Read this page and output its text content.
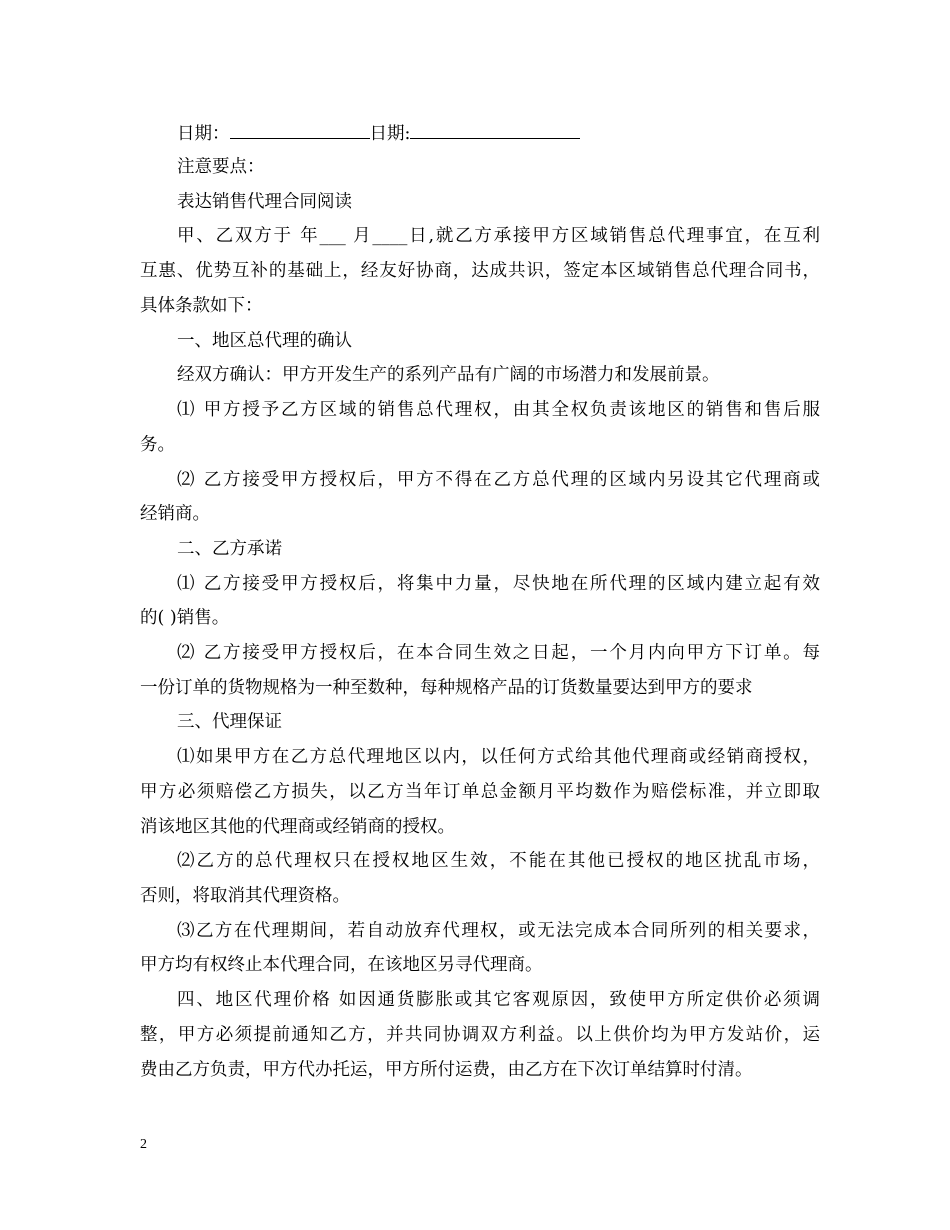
日期：	日期:
注意要点：
表达销售代理合同阅读
甲、乙双方于 年___ 月____日,就乙方承接甲方区域销售总代理事宜，在互利
互惠、优势互补的基础上，经友好协商，达成共识，签定本区域销售总代理合同书，
具体条款如下：
一、地区总代理的确认
经双方确认：甲方开发生产的系列产品有广阔的市场潜力和发展前景。
⑴ 甲方授予乙方区域的销售总代理权，由其全权负责该地区的销售和售后服
务。
⑵ 乙方接受甲方授权后，甲方不得在乙方总代理的区域内另设其它代理商或
经销商。
二、乙方承诺
⑴ 乙方接受甲方授权后，将集中力量，尽快地在所代理的区域内建立起有效
的( )销售。
⑵ 乙方接受甲方授权后，在本合同生效之日起，一个月内向甲方下订单。每
一份订单的货物规格为一种至数种，每种规格产品的订货数量要达到甲方的要求
三、代理保证
⑴如果甲方在乙方总代理地区以内，以任何方式给其他代理商或经销商授权，
甲方必须赔偿乙方损失，以乙方当年订单总金额月平均数作为赔偿标准，并立即取
消该地区其他的代理商或经销商的授权。
⑵乙方的总代理权只在授权地区生效，不能在其他已授权的地区扰乱市场，
否则，将取消其代理资格。
⑶乙方在代理期间，若自动放弃代理权，或无法完成本合同所列的相关要求，
甲方均有权终止本代理合同，在该地区另寻代理商。
四、地区代理价格 如因通货膨胀或其它客观原因，致使甲方所定供价必须调
整，甲方必须提前通知乙方，并共同协调双方利益。以上供价均为甲方发站价，运
费由乙方负责，甲方代办托运，甲方所付运费，由乙方在下次订单结算时付清。
2
